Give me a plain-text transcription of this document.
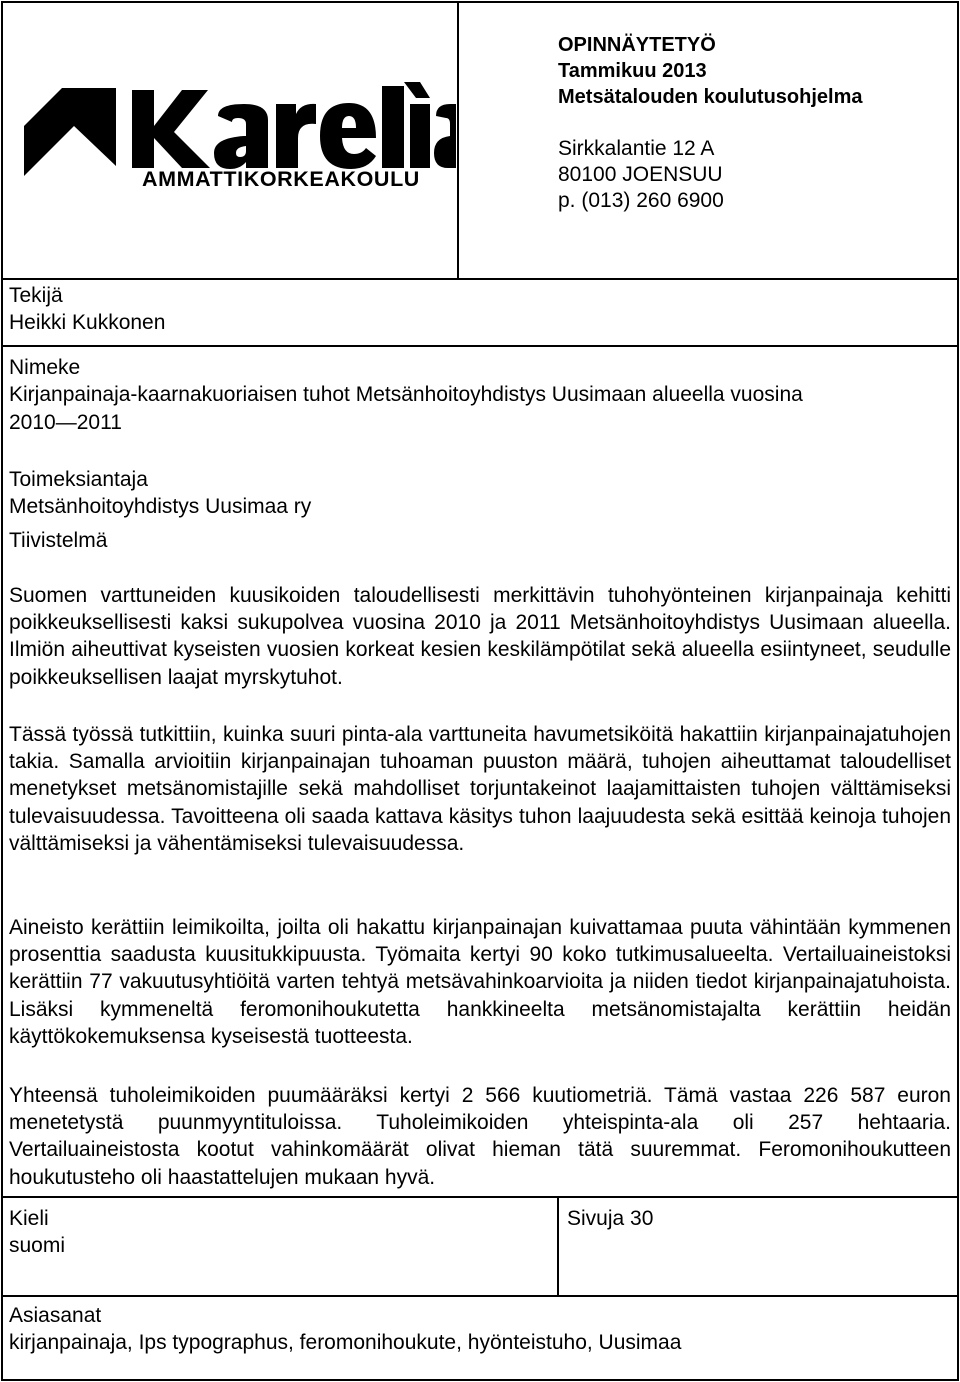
AMMATTIKORKEAKOULU
OPINNÄYTETYÖ
Tammikuu 2013
Metsätalouden koulutusohjelma
Sirkkalantie 12 A
80100 JOENSUU
p. (013) 260 6900
Tekijä
Heikki Kukkonen
Nimeke
Kirjanpainaja-kaarnakuoriaisen tuhot Metsänhoitoyhdistys Uusimaan alueella vuosina
2010—2011
Toimeksiantaja
Metsänhoitoyhdistys Uusimaa ry
Tiivistelmä

Suomen varttuneiden kuusikoiden taloudellisesti merkittävin tuhohyönteinen kirjanpainaja kehitti poikkeuksellisesti kaksi sukupolvea vuosina 2010 ja 2011 Metsänhoitoyhdistys Uusimaan alueella. Ilmiön aiheuttivat kyseisten vuosien korkeat kesien keskilämpötilat sekä alueella esiintyneet, seudulle poikkeuksellisen laajat myrskytuhot.

Tässä työssä tutkittiin, kuinka suuri pinta-ala varttuneita havumetsiköitä hakattiin kirjanpainajatuhojen takia. Samalla arvioitiin kirjanpainajan tuhoaman puuston määrä, tuhojen aiheuttamat taloudelliset menetykset metsänomistajille sekä mahdolliset torjuntakeinot laajamittaisten tuhojen välttämiseksi tulevaisuudessa. Tavoitteena oli saada kattava käsitys tuhon laajuudesta sekä esittää keinoja tuhojen välttämiseksi ja vähentämiseksi tulevaisuudessa.

Aineisto kerättiin leimikoilta, joilta oli hakattu kirjanpainajan kuivattamaa puuta vähintään kymmenen prosenttia saadusta kuusitukkipuusta. Työmaita kertyi 90 koko tutkimusalueelta. Vertailuaineistoksi kerättiin 77 vakuutusyhtiöitä varten tehtyä metsävahinkoarvioita ja niiden tiedot kirjanpainajatuhoista. Lisäksi kymmeneltä feromonihoukutetta hankkineelta metsänomistajalta kerättiin heidän käyttökokemuksensa kyseisestä tuotteesta.

Yhteensä tuholeimikoiden puumääräksi kertyi 2 566 kuutiometriä. Tämä vastaa 226 587 euron menetetystä puunmyyntituloissa. Tuholeimikoiden yhteispinta-ala oli 257 hehtaaria. Vertailuaineistosta kootut vahinkomäärät olivat hieman tätä suuremmat. Feromonihoukutteen houkutusteho oli haastattelujen mukaan hyvä.

Kieli
suomi
Sivuja 30
Asiasanat
kirjanpainaja, Ips typographus, feromonihoukute, hyönteistuho, Uusimaa
